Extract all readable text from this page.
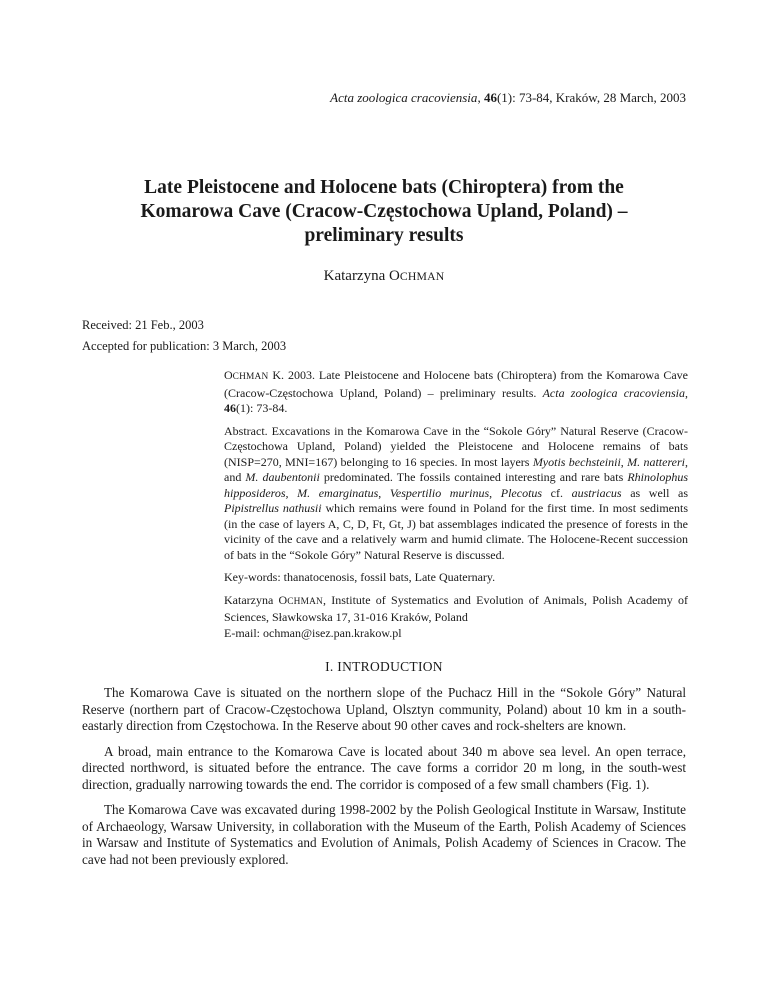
Acta zoologica cracoviensia, 46(1): 73-84, Kraków, 28 March, 2003
Late Pleistocene and Holocene bats (Chiroptera) from the
Komarowa Cave (Cracow-Częstochowa Upland, Poland) –
preliminary results
Katarzyna OCHMAN
Received: 21 Feb., 2003
Accepted for publication: 3 March, 2003

OCHMAN K. 2003. Late Pleistocene and Holocene bats (Chiroptera) from the Komarowa Cave (Cracow-Częstochowa Upland, Poland) – preliminary results. Acta zoologica cracoviensia, 46(1): 73-84.

Abstract. Excavations in the Komarowa Cave in the “Sokole Góry” Natural Reserve (Cracow-Częstochowa Upland, Poland) yielded the Pleistocene and Holocene remains of bats (NISP=270, MNI=167) belonging to 16 species. In most layers Myotis bechsteinii, M. nattereri, and M. daubentonii predominated. The fossils contained interesting and rare bats Rhinolophus hipposideros, M. emarginatus, Vespertilio murinus, Plecotus cf. austriacus as well as Pipistrellus nathusii which remains were found in Poland for the first time. In most sediments (in the case of layers A, C, D, Ft, Gt, J) bat assemblages indicated the presence of forests in the vicinity of the cave and a relatively warm and humid climate. The Holocene-Recent succession of bats in the “Sokole Góry” Natural Reserve is discussed.

Key-words: thanatocenosis, fossil bats, Late Quaternary.

Katarzyna OCHMAN, Institute of Systematics and Evolution of Animals, Polish Academy of Sciences, Sławkowska 17, 31-016 Kraków, Poland
E-mail: ochman@isez.pan.krakow.pl

I. INTRODUCTION

The Komarowa Cave is situated on the northern slope of the Puchacz Hill in the “Sokole Góry” Natural Reserve (northern part of Cracow-Częstochowa Upland, Olsztyn community, Poland) about 10 km in a south-eastarly direction from Częstochowa. In the Reserve about 90 other caves and rock-shelters are known.

A broad, main entrance to the Komarowa Cave is located about 340 m above sea level. An open terrace, directed northword, is situated before the entrance. The cave forms a corridor 20 m long, in the south-west direction, gradually narrowing towards the end. The corridor is composed of a few small chambers (Fig. 1).

The Komarowa Cave was excavated during 1998-2002 by the Polish Geological Institute in Warsaw, Institute of Archaeology, Warsaw University, in collaboration with the Museum of the Earth, Polish Academy of Sciences in Warsaw and Institute of Systematics and Evolution of Animals, Polish Academy of Sciences in Cracow. The cave had not been previously explored.
